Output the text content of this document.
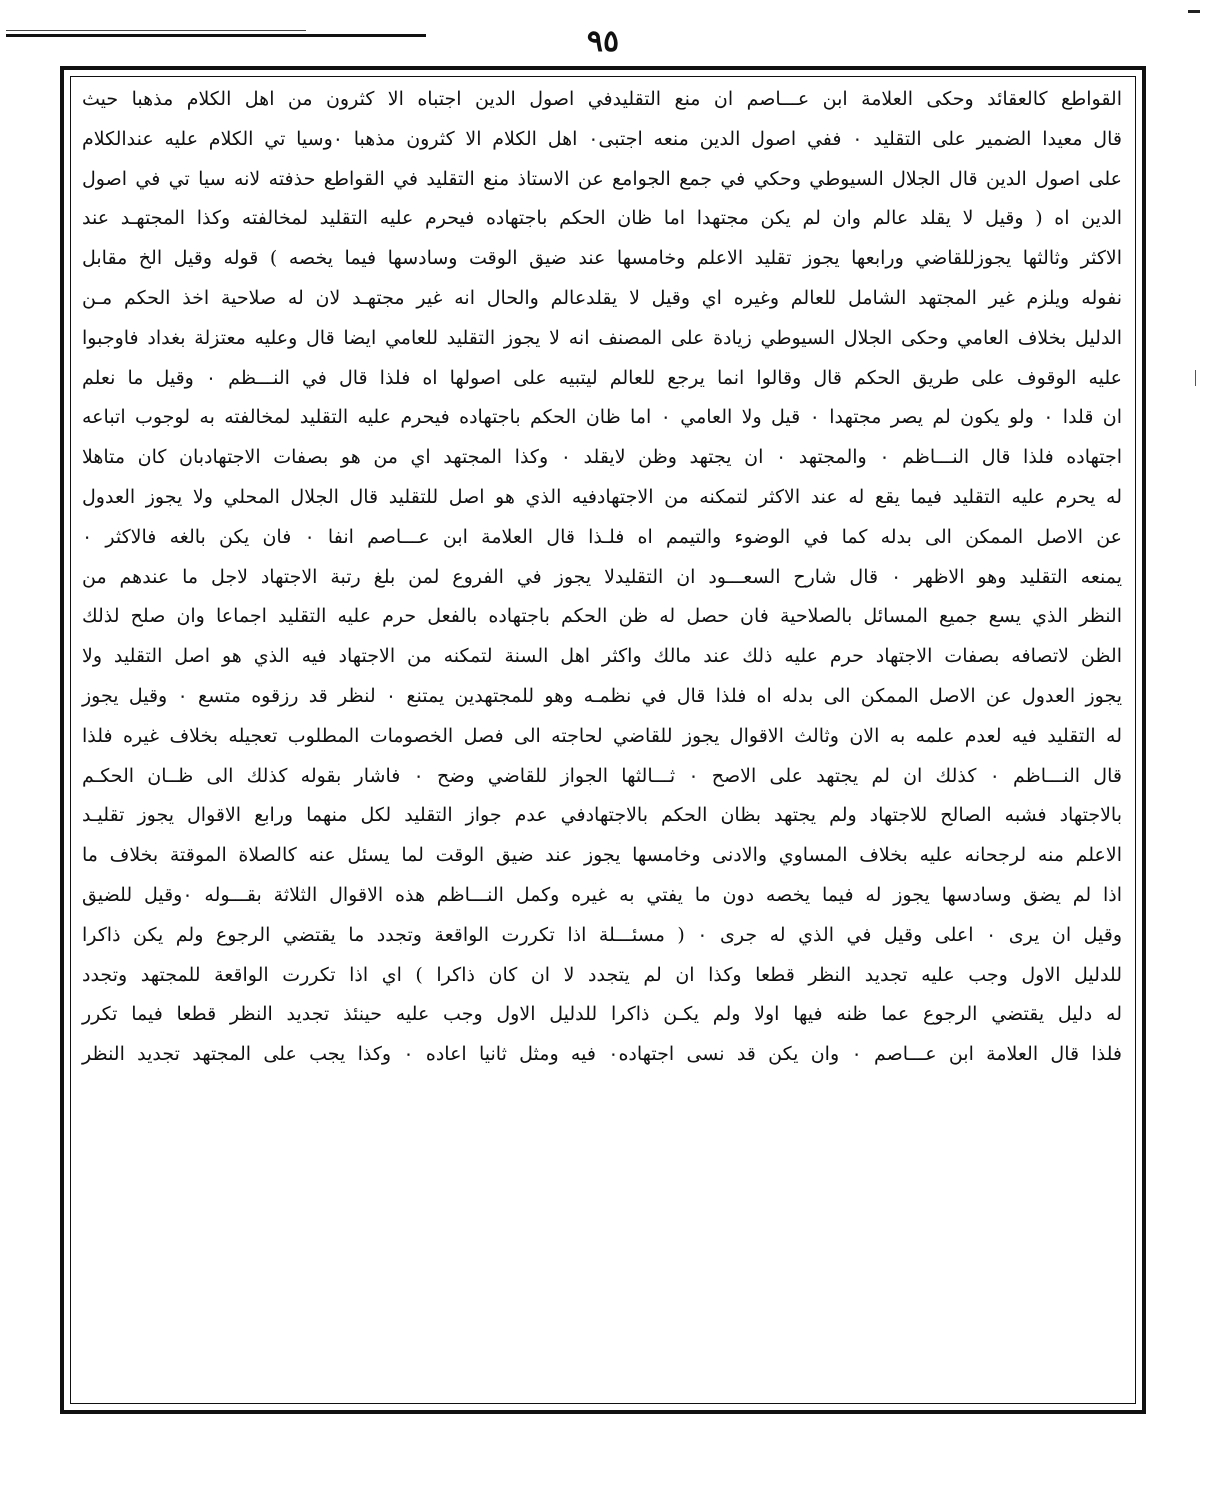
٩٥
القواطع كالعقائد وحكى العلامة ابن عـــاصم ان منع التقليدفي اصول الدين اجتباه الا كثرون من اهل الكلام مذهبا حيث
قال معيدا الضمير على التقليد ٠ ففي اصول الدين منعه اجتبى٠ اهل الكلام الا كثرون مذهبا ٠وسيا تي الكلام عليه عندالكلام
على اصول الدين قال الجلال السيوطي وحكي في جمع الجوامع عن الاستاذ منع التقليد في القواطع حذفته لانه سيا تي في اصول
الدين اه ( وقيل لا يقلد عالم وان لم يكن مجتهدا اما ظان الحكم باجتهاده فيحرم عليه التقليد لمخالفته وكذا المجتهـد عند
الاكثر وثالثها يجوزللقاضي ورابعها يجوز تقليد الاعلم وخامسها عند ضيق الوقت وسادسها فيما يخصه ) قوله وقيل الخ مقابل
نفوله ويلزم غير المجتهد الشامل للعالم وغيره اي وقيل لا يقلدعالم والحال انه غير مجتهـد لان له صلاحية اخذ الحكم مـن
الدليل بخلاف العامي وحكى الجلال السيوطي زيادة على المصنف انه لا يجوز التقليد للعامي ايضا قال وعليه معتزلة بغداد فاوجبوا
عليه الوقوف على طريق الحكم قال وقالوا انما يرجع للعالم ليتبيه على اصولها اه فلذا قال في النـــظم ٠ وقيل ما نعلم
ان قلدا ٠ ولو يكون لم يصر مجتهدا ٠ قيل ولا العامي ٠ اما ظان الحكم باجتهاده فيحرم عليه التقليد لمخالفته به لوجوب اتباعه
اجتهاده فلذا قال النـــاظم ٠ والمجتهد ٠ ان يجتهد وظن لايقلد ٠ وكذا المجتهد اي من هو بصفات الاجتهادبان كان متاهلا
له يحرم عليه التقليد فيما يقع له عند الاكثر لتمكنه من الاجتهادفيه الذي هو اصل للتقليد قال الجلال المحلي ولا يجوز العدول
عن الاصل الممكن الى بدله كما في الوضوء والتيمم اه فلـذا قال العلامة ابن عـــاصم انفا ٠ فان يكن بالغه فالاكثر ٠
يمنعه التقليد وهو الاظهر ٠ قال شارح السعـــود ان التقليدلا يجوز في الفروع لمن بلغ رتبة الاجتهاد لاجل ما عندهم من
النظر الذي يسع جميع المسائل بالصلاحية فان حصل له ظن الحكم باجتهاده بالفعل حرم عليه التقليد اجماعا وان صلح لذلك
الظن لاتصافه بصفات الاجتهاد حرم عليه ذلك عند مالك واكثر اهل السنة لتمكنه من الاجتهاد فيه الذي هو اصل التقليد ولا
يجوز العدول عن الاصل الممكن الى بدله اه فلذا قال في نظمـه وهو للمجتهدين يمتنع ٠ لنظر قد رزقوه متسع ٠ وقيل يجوز
له التقليد فيه لعدم علمه به الان وثالث الاقوال يجوز للقاضي لحاجته الى فصل الخصومات المطلوب تعجيله بخلاف غيره فلذا
قال النـــاظم ٠ كذلك ان لم يجتهد على الاصح ٠ ثـــالثها الجواز للقاضي وضح ٠ فاشار بقوله كذلك الى ظــان الحكـم
بالاجتهاد فشبه الصالح للاجتهاد ولم يجتهد بظان الحكم بالاجتهادفي عدم جواز التقليد لكل منهما ورابع الاقوال يجوز تقليـد
الاعلم منه لرجحانه عليه بخلاف المساوي والادنى وخامسها يجوز عند ضيق الوقت لما يسئل عنه كالصلاة الموقتة بخلاف ما
اذا لم يضق وسادسها يجوز له فيما يخصه دون ما يفتي به غيره وكمل النـــاظم هذه الاقوال الثلاثة بقـــوله ٠وقيل للضيق
وقيل ان يرى ٠ اعلى وقيل في الذي له جرى ٠ ( مسئـــلة اذا تكررت الواقعة وتجدد ما يقتضي الرجوع ولم يكن ذاكرا
للدليل الاول وجب عليه تجديد النظر قطعا وكذا ان لم يتجدد لا ان كان ذاكرا ) اي اذا تكررت الواقعة للمجتهد وتجدد
له دليل يقتضي الرجوع عما ظنه فيها اولا ولم يكـن ذاكرا للدليل الاول وجب عليه حينئذ تجديد النظر قطعا فيما تكرر
فلذا قال العلامة ابن عـــاصم ٠ وان يكن قد نسى اجتهاده٠ فيه ومثل ثانيا اعاده ٠ وكذا يجب على المجتهد تجديد النظر
